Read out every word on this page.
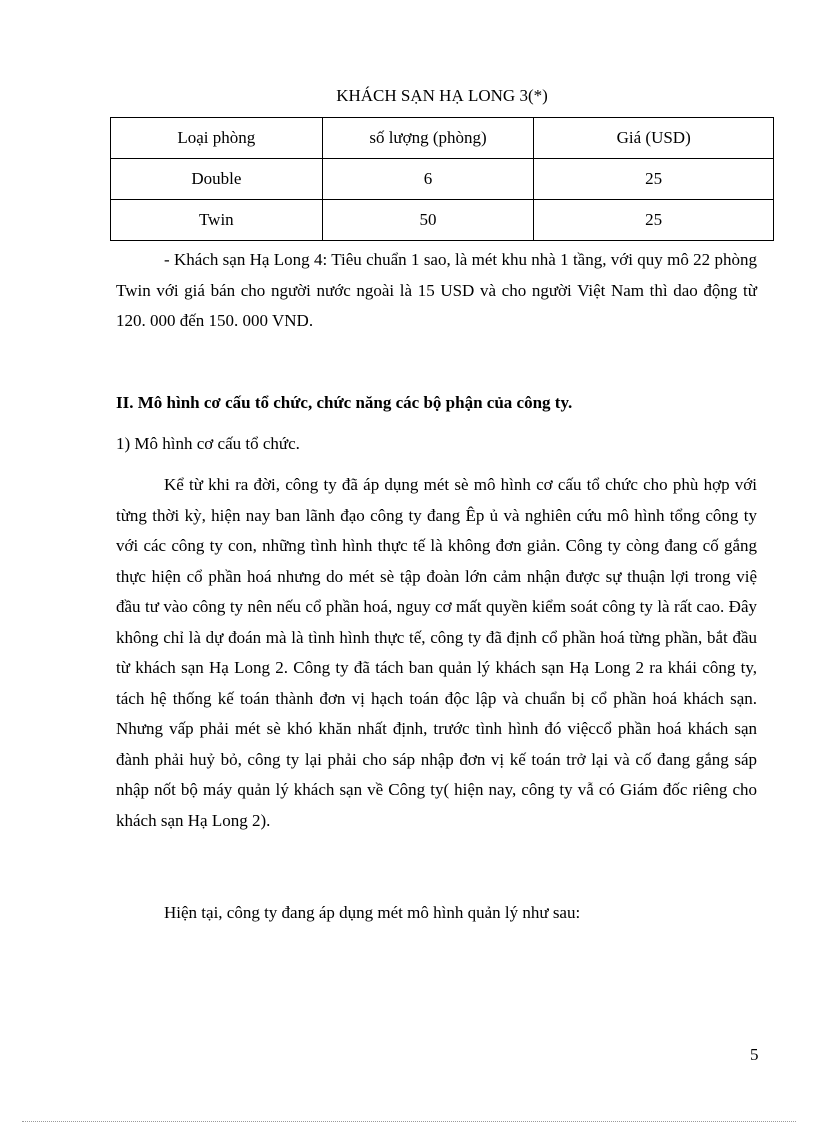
KHÁCH SẠN HẠ LONG 3(*)
Loại phòng	số lượng (phòng)	Giá (USD)
Double	6	25
Twin	50	25

- Khách sạn Hạ Long 4: Tiêu chuẩn 1 sao, là mét khu nhà 1 tầng, với quy mô 22 phòng Twin với giá bán cho người nước ngoài là 15 USD và cho người Việt Nam thì dao động từ 120. 000 đến 150. 000 VND.

II. Mô hình cơ cấu tổ chức, chức năng các bộ phận của công ty.
1) Mô hình cơ cấu tổ chức.

Kể từ khi ra đời, công ty đã áp dụng mét sè mô hình cơ cấu tổ chức cho phù hợp với từng thời kỳ, hiện nay ban lãnh đạo công ty đang Êp ủ và nghiên cứu mô hình tổng công ty với các công ty con, những tình hình thực tế là không đơn giản. Công ty còng đang cố gắng thực hiện cổ phần hoá nhưng do mét sè tập đoàn lớn cảm nhận được sự thuận lợi trong việ đầu tư vào công ty nên nếu cổ phần hoá, nguy cơ mất quyền kiểm soát công ty là rất cao. Đây không chỉ là dự đoán mà là tình hình thực tế, công ty đã định cổ phần hoá từng phần, bắt đầu từ khách sạn Hạ Long 2. Công ty đã tách ban quản lý khách sạn Hạ Long 2 ra khái công ty, tách hệ thống kế toán thành đơn vị hạch toán độc lập và chuẩn bị cổ phần hoá khách sạn. Nhưng vấp phải mét sè khó khăn nhất định, trước tình hình đó việccổ phần hoá khách sạn đành phải huỷ bỏ, công ty lại phải cho sáp nhập đơn vị kế toán trở lại và cố đang gắng sáp nhập nốt bộ máy quản lý khách sạn về Công ty( hiện nay, công ty vẫ có Giám đốc riêng cho khách sạn Hạ Long 2).

Hiện tại, công ty đang áp dụng mét mô hình quản lý như sau:

5
